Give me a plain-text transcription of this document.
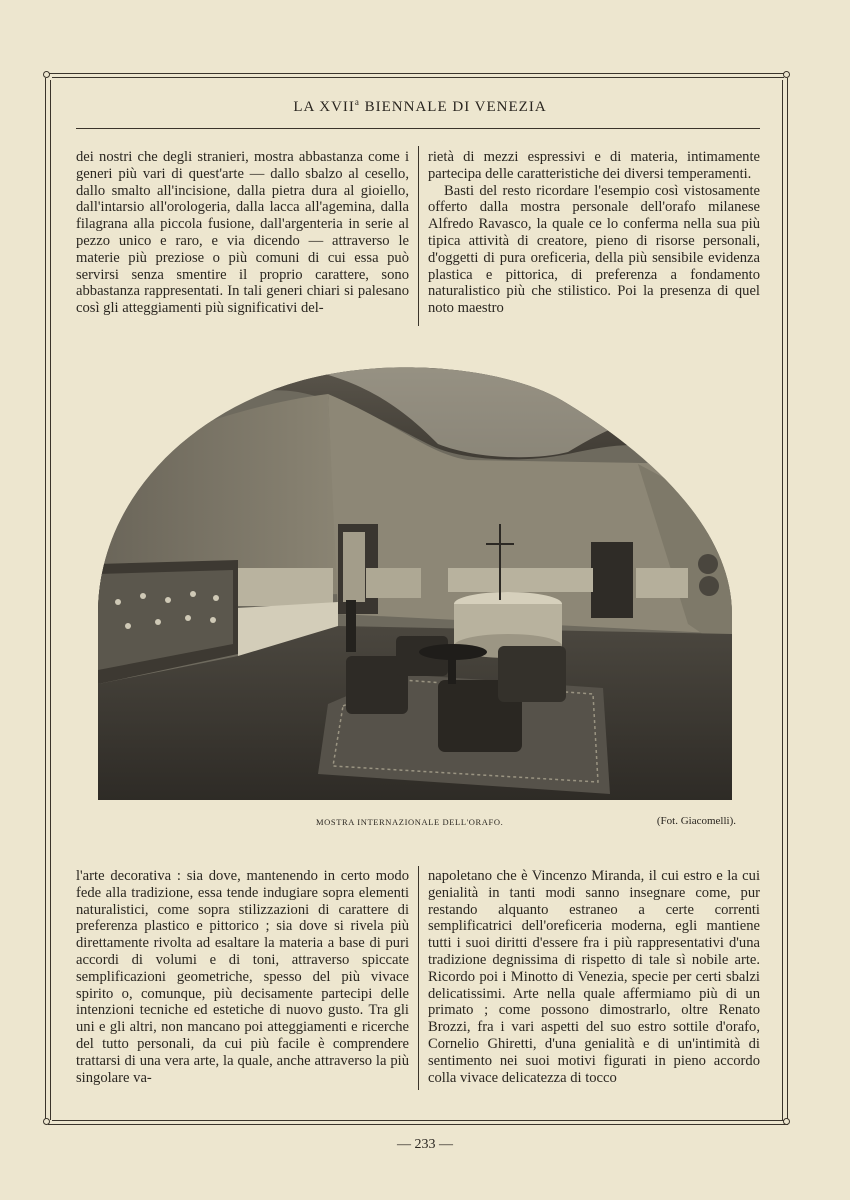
LA XVII$^a$ BIENNALE DI VENEZIA

dei nostri che degli stranieri, mostra abbastanza come i generi più vari di quest'arte — dallo sbalzo al cesello, dallo smalto all'incisione, dalla pietra dura al gioiello, dall'intarsio all'orologeria, dalla lacca all'agemina, dalla filagrana alla piccola fusione, dall'argenteria in serie al pezzo unico e raro, e via dicendo — attraverso le materie più preziose o più comuni di cui essa può servirsi senza smentire il proprio carattere, sono abbastanza rappresentati. In tali generi chiari si palesano così gli atteggiamenti più significativi del-

rietà di mezzi espressivi e di materia, intimamente partecipa delle caratteristiche dei diversi temperamenti.
Basti del resto ricordare l'esempio così vistosamente offerto dalla mostra personale dell'orafo milanese Alfredo Ravasco, la quale ce lo conferma nella sua più tipica attività di creatore, pieno di risorse personali, d'oggetti di pura oreficeria, della più sensibile evidenza plastica e pittorica, di preferenza a fondamento naturalistico più che stilistico. Poi la presenza di quel noto maestro
MOSTRA INTERNAZIONALE DELL'ORAFO.	(Fot. Giacomelli).

l'arte decorativa : sia dove, mantenendo in certo modo fede alla tradizione, essa tende indugiare sopra elementi naturalistici, come sopra stilizzazioni di carattere di preferenza plastico e pittorico ; sia dove si rivela più direttamente rivolta ad esaltare la materia a base di puri accordi di volumi e di toni, attraverso spiccate semplificazioni geometriche, spesso del più vivace spirito o, comunque, più decisamente partecipi delle intenzioni tecniche ed estetiche di nuovo gusto. Tra gli uni e gli altri, non mancano poi atteggiamenti e ricerche del tutto personali, da cui più facile è comprendere trattarsi di una vera arte, la quale, anche attraverso la più singolare va-

napoletano che è Vincenzo Miranda, il cui estro e la cui genialità in tanti modi sanno insegnare come, pur restando alquanto estraneo a certe correnti semplificatrici dell'oreficeria moderna, egli mantiene tutti i suoi diritti d'essere fra i più rappresentativi d'una tradizione degnissima di rispetto di tale sì nobile arte. Ricordo poi i Minotto di Venezia, specie per certi sbalzi delicatissimi. Arte nella quale affermiamo più di un primato ; come possono dimostrarlo, oltre Renato Brozzi, fra i vari aspetti del suo estro sottile d'orafo, Cornelio Ghiretti, d'una genialità e di un'intimità di sentimento nei suoi motivi figurati in pieno accordo colla vivace delicatezza di tocco

— 233 —
